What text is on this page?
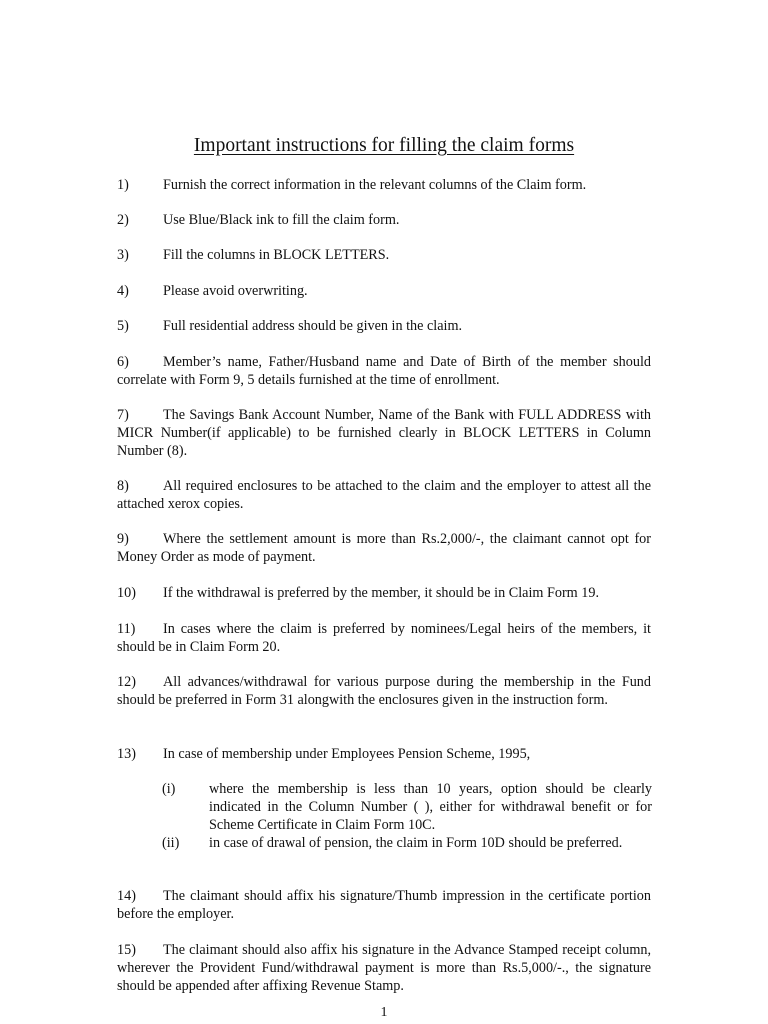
Important instructions for filling the claim forms
1) Furnish the correct information in the relevant columns of the Claim form.
2) Use Blue/Black ink to fill the claim form.
3) Fill the columns in BLOCK LETTERS.
4) Please avoid overwriting.
5) Full residential address should be given in the claim.
6) Member’s name, Father/Husband name and Date of Birth of the member should correlate with Form 9, 5 details furnished at the time of enrollment.
7) The Savings Bank Account Number, Name of the Bank with FULL ADDRESS with MICR Number(if applicable) to be furnished clearly in BLOCK LETTERS in Column Number (8).
8) All required enclosures to be attached to the claim and the employer to attest all the attached xerox copies.
9) Where the settlement amount is more than Rs.2,000/-, the claimant cannot opt for Money Order as mode of payment.
10) If the withdrawal is preferred by the member, it should be in Claim Form 19.
11) In cases where the claim is preferred by nominees/Legal heirs of the members, it should be in Claim Form 20.
12) All advances/withdrawal for various purpose during the membership in the Fund should be preferred in Form 31 alongwith the enclosures given in the instruction form.
13) In case of membership under Employees Pension Scheme, 1995,
(i) where the membership is less than 10 years, option should be clearly indicated in the Column Number ( ), either for withdrawal benefit or for Scheme Certificate in Claim Form 10C.
(ii) in case of drawal of pension, the claim in Form 10D should be preferred.
14) The claimant should affix his signature/Thumb impression in the certificate portion before the employer.
15) The claimant should also affix his signature in the Advance Stamped receipt column, wherever the Provident Fund/withdrawal payment is more than Rs.5,000/-., the signature should be appended after affixing Revenue Stamp.
1
